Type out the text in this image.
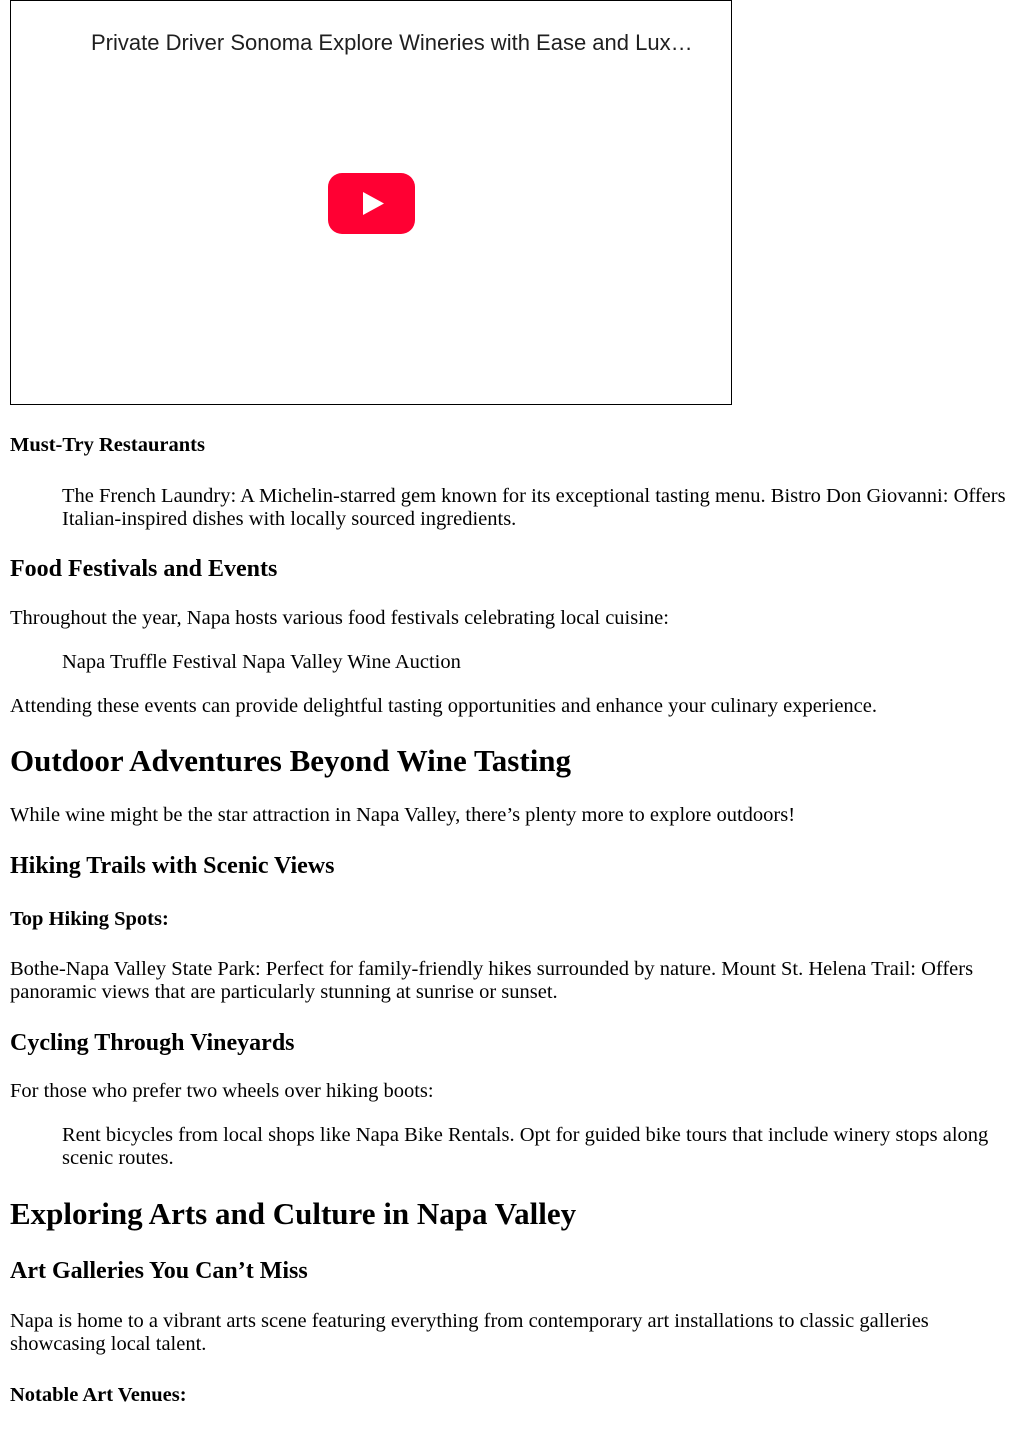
Private Driver Sonoma Explore Wineries with Ease and Lux…
Must-Try Restaurants

The French Laundry: A Michelin-starred gem known for its exceptional tasting menu. Bistro Don Giovanni: Offers Italian-inspired dishes with locally sourced ingredients.

Food Festivals and Events

Throughout the year, Napa hosts various food festivals celebrating local cuisine:

Napa Truffle Festival Napa Valley Wine Auction

Attending these events can provide delightful tasting opportunities and enhance your culinary experience.

Outdoor Adventures Beyond Wine Tasting

While wine might be the star attraction in Napa Valley, there’s plenty more to explore outdoors!

Hiking Trails with Scenic Views
Top Hiking Spots:

Bothe-Napa Valley State Park: Perfect for family-friendly hikes surrounded by nature. Mount St. Helena Trail: Offers panoramic views that are particularly stunning at sunrise or sunset.

Cycling Through Vineyards

For those who prefer two wheels over hiking boots:

Rent bicycles from local shops like Napa Bike Rentals. Opt for guided bike tours that include winery stops along scenic routes.

Exploring Arts and Culture in Napa Valley
Art Galleries You Can’t Miss

Napa is home to a vibrant arts scene featuring everything from contemporary art installations to classic galleries showcasing local talent.

Notable Art Venues:
